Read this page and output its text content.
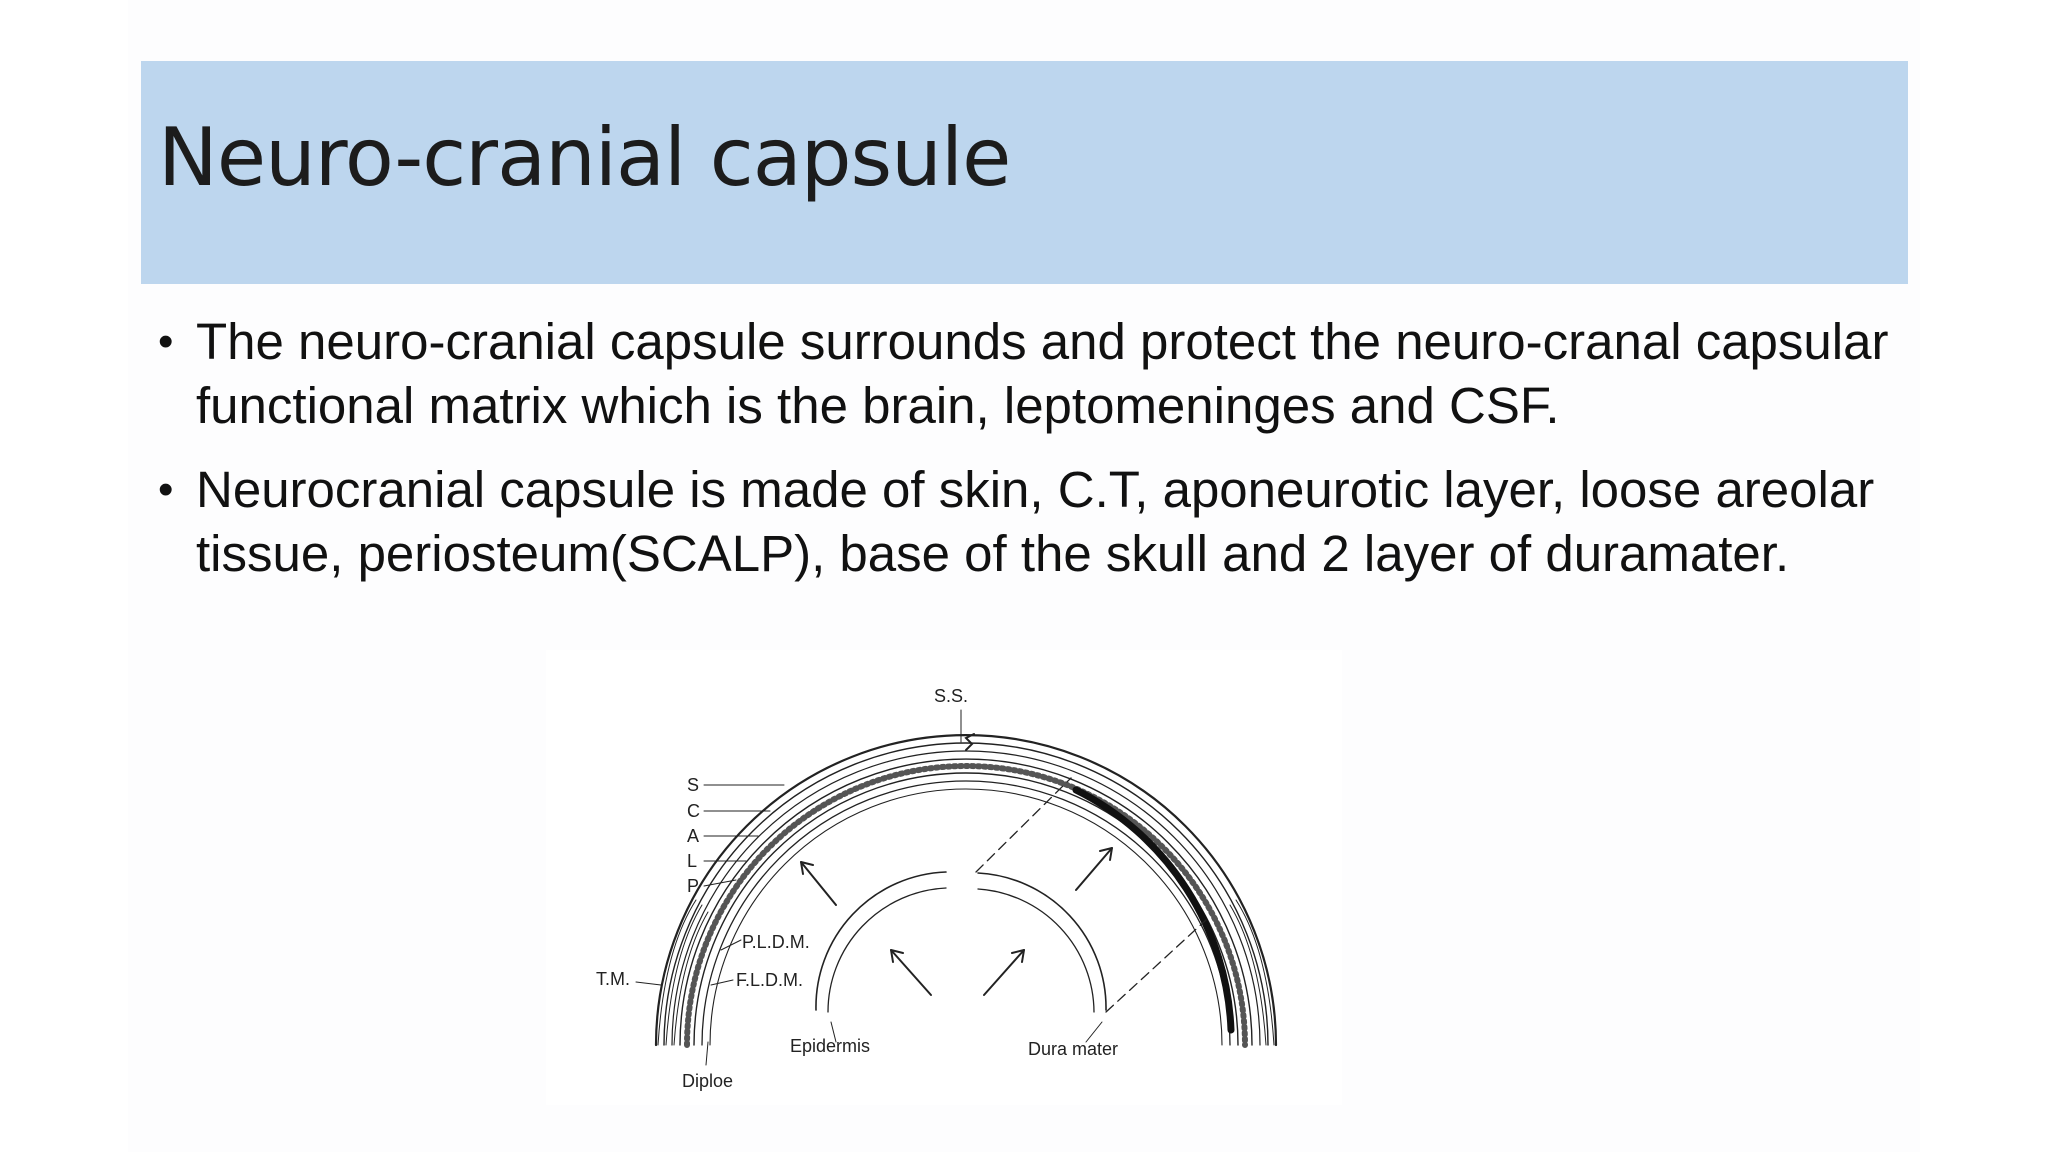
Neuro-cranial capsule
• The neuro-cranial capsule surrounds and protect the neuro-cranal capsular functional matrix which is the brain, leptomeninges and CSF.
• Neurocranial capsule is made of skin, C.T, aponeurotic layer, loose areolar tissue, periosteum(SCALP), base of the skull and 2 layer of duramater.
S.S.
S
C
A
L
P
P.L.D.M.
F.L.D.M.
T.M.
Diploe
Epidermis	Dura mater
